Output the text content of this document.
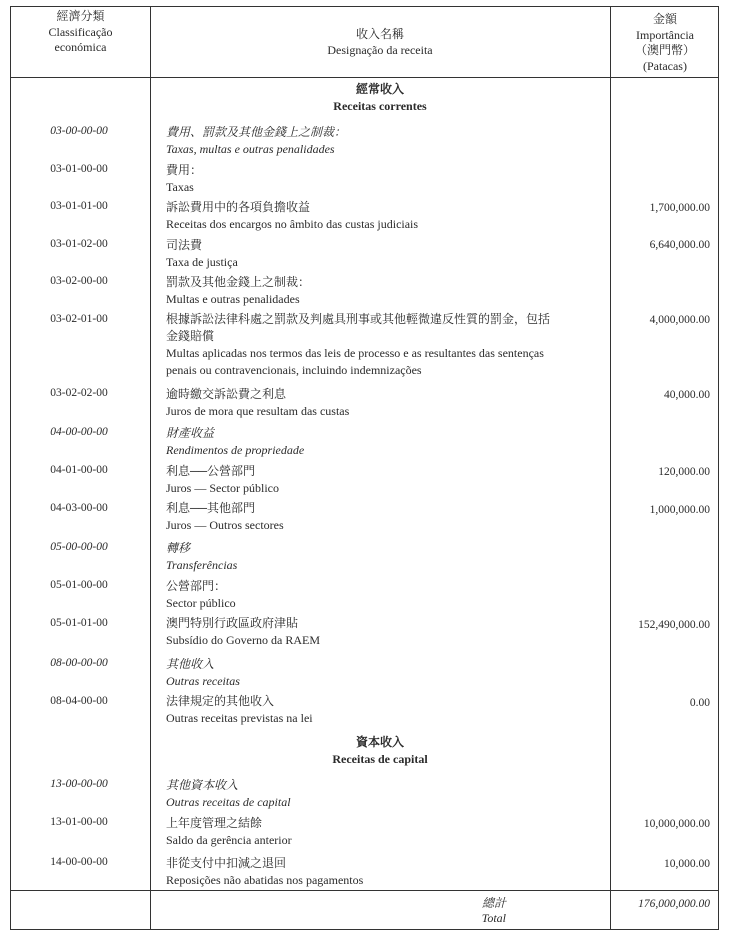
經濟分類
Classificação
económica
收入名稱
Designação da receita
金額
Importância
（澳門幣）
(Patacas)
經常收入
Receitas correntes
03-00-00-00	費用、罰款及其他金錢上之制裁：
Taxas, multas e outras penalidades
03-01-00-00	費用：
Taxas
03-01-01-00	訴訟費用中的各項負擔收益
Receitas dos encargos no âmbito das custas judiciais
1,700,000.00
03-01-02-00	司法費
Taxa de justiça
6,640,000.00
03-02-00-00	罰款及其他金錢上之制裁：
Multas e outras penalidades
03-02-01-00	根據訴訟法律科處之罰款及判處具刑事或其他輕微違反性質的罰金，包括
金錢賠償
Multas aplicadas nos termos das leis de processo e as resultantes das sentenças
penais ou contravencionais, incluindo indemnizações
4,000,000.00
03-02-02-00	逾時繳交訴訟費之利息
Juros de mora que resultam das custas
40,000.00
04-00-00-00	財產收益
Rendimentos de propriedade
04-01-00-00	利息──公營部門
Juros — Sector público
120,000.00
04-03-00-00	利息──其他部門
Juros — Outros sectores
1,000,000.00
05-00-00-00	轉移
Transferências
05-01-00-00	公營部門：
Sector público
05-01-01-00	澳門特別行政區政府津貼
Subsídio do Governo da RAEM
152,490,000.00
08-00-00-00	其他收入
Outras receitas
08-04-00-00	法律規定的其他收入
Outras receitas previstas na lei
0.00
資本收入
Receitas de capital
13-00-00-00	其他資本收入
Outras receitas de capital
13-01-00-00	上年度管理之結餘
Saldo da gerência anterior
10,000,000.00
14-00-00-00	非從支付中扣減之退回
Reposições não abatidas nos pagamentos
10,000.00
總計
Total
176,000,000.00
